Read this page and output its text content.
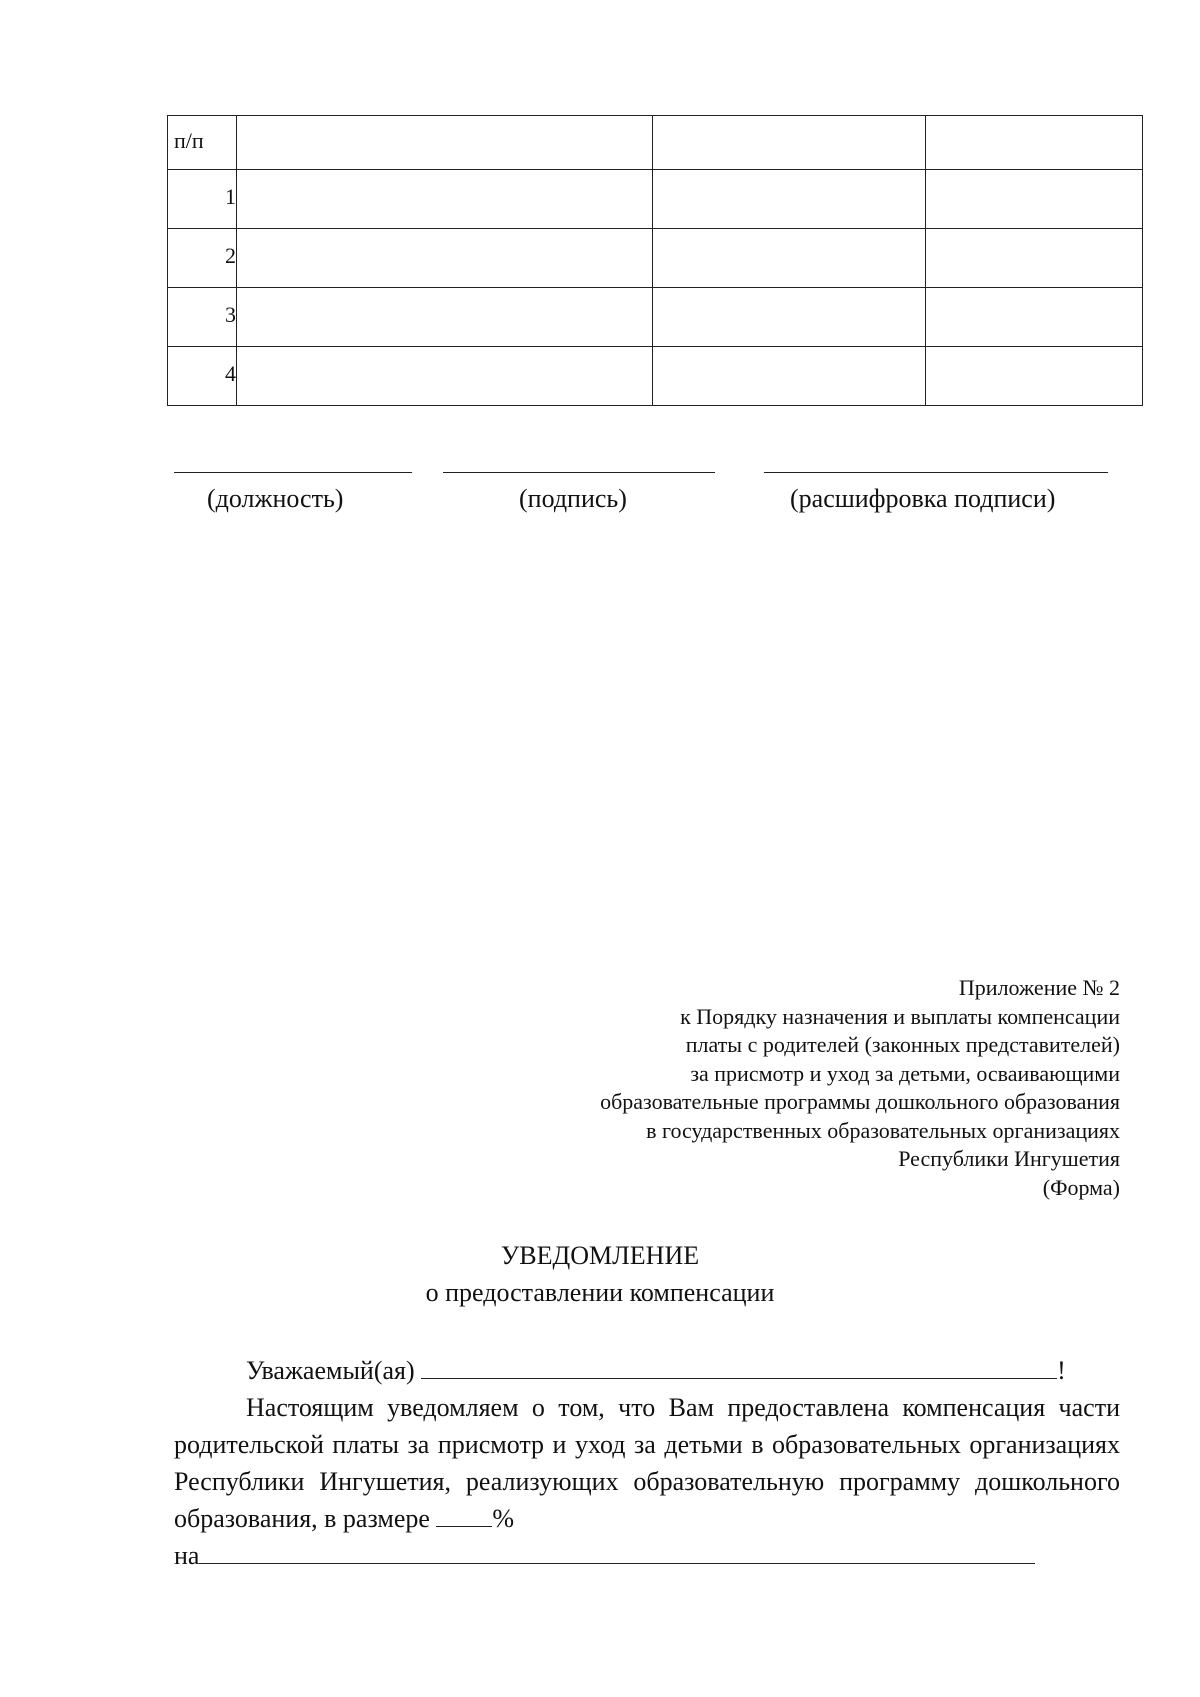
п/п			

1			

2			

3			

4			

(должность)	(подпись)	(расшифровка подписи)
Приложение № 2
к Порядку назначения и выплаты компенсации
платы с родителей (законных представителей)
за присмотр и уход за детьми, осваивающими
образовательные программы дошкольного образования
в государственных образовательных организациях
Республики Ингушетия
(Форма)
УВЕДОМЛЕНИЕ
о предоставлении компенсации
Уважаемый(ая)	!
Настоящим уведомляем о том, что Вам предоставлена компенсация части родительской платы за присмотр и уход за детьми в образовательных организациях Республики Ингушетия, реализующих образовательную программу дошкольного образования, в размере %
на
